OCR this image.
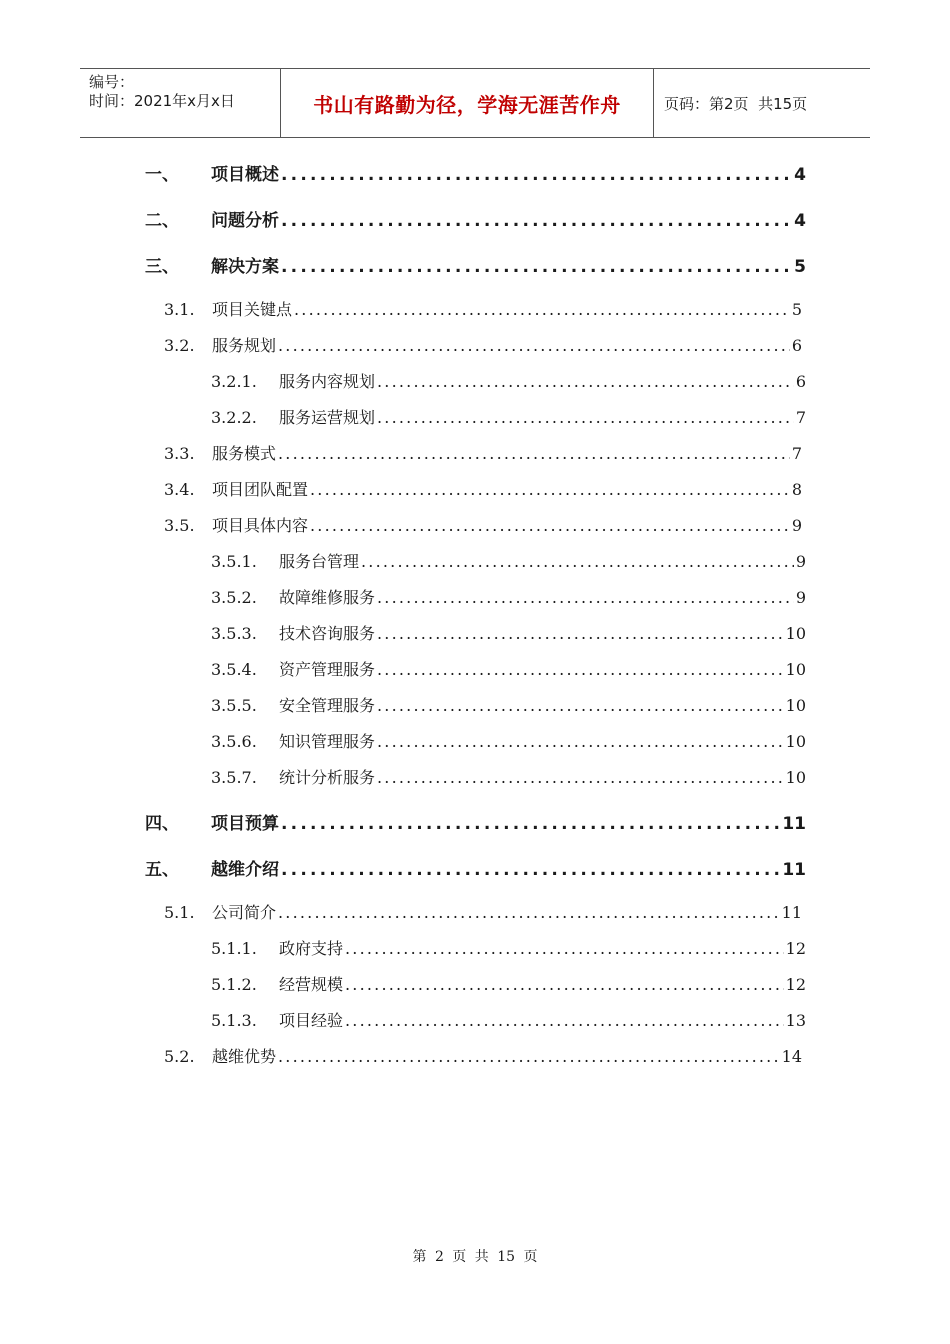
编号：
时间：2021年x月x日	书山有路勤为径，学海无涯苦作舟	页码：第2页  共15页
一、	项目概述 .....	4
二、	问题分析 .....	4
三、	解决方案 .....	5
3.1.	项目关键点 .....	5
3.2.	服务规划 .....	6
3.2.1.	服务内容规划 .....	6
3.2.2.	服务运营规划 .....	7
3.3.	服务模式 .....	7
3.4.	项目团队配置 .....	8
3.5.	项目具体内容 .....	9
3.5.1.	服务台管理 .....	9
3.5.2.	故障维修服务 .....	9
3.5.3.	技术咨询服务 .....	10
3.5.4.	资产管理服务 .....	10
3.5.5.	安全管理服务 .....	10
3.5.6.	知识管理服务 .....	10
3.5.7.	统计分析服务 .....	10
四、	项目预算 .....	11
五、	越维介绍 .....	11
5.1.	公司简介 .....	11
5.1.1.	政府支持 .....	12
5.1.2.	经营规模 .....	12
5.1.3.	项目经验 .....	13
5.2.	越维优势 .....	14
第 2 页 共 15 页
